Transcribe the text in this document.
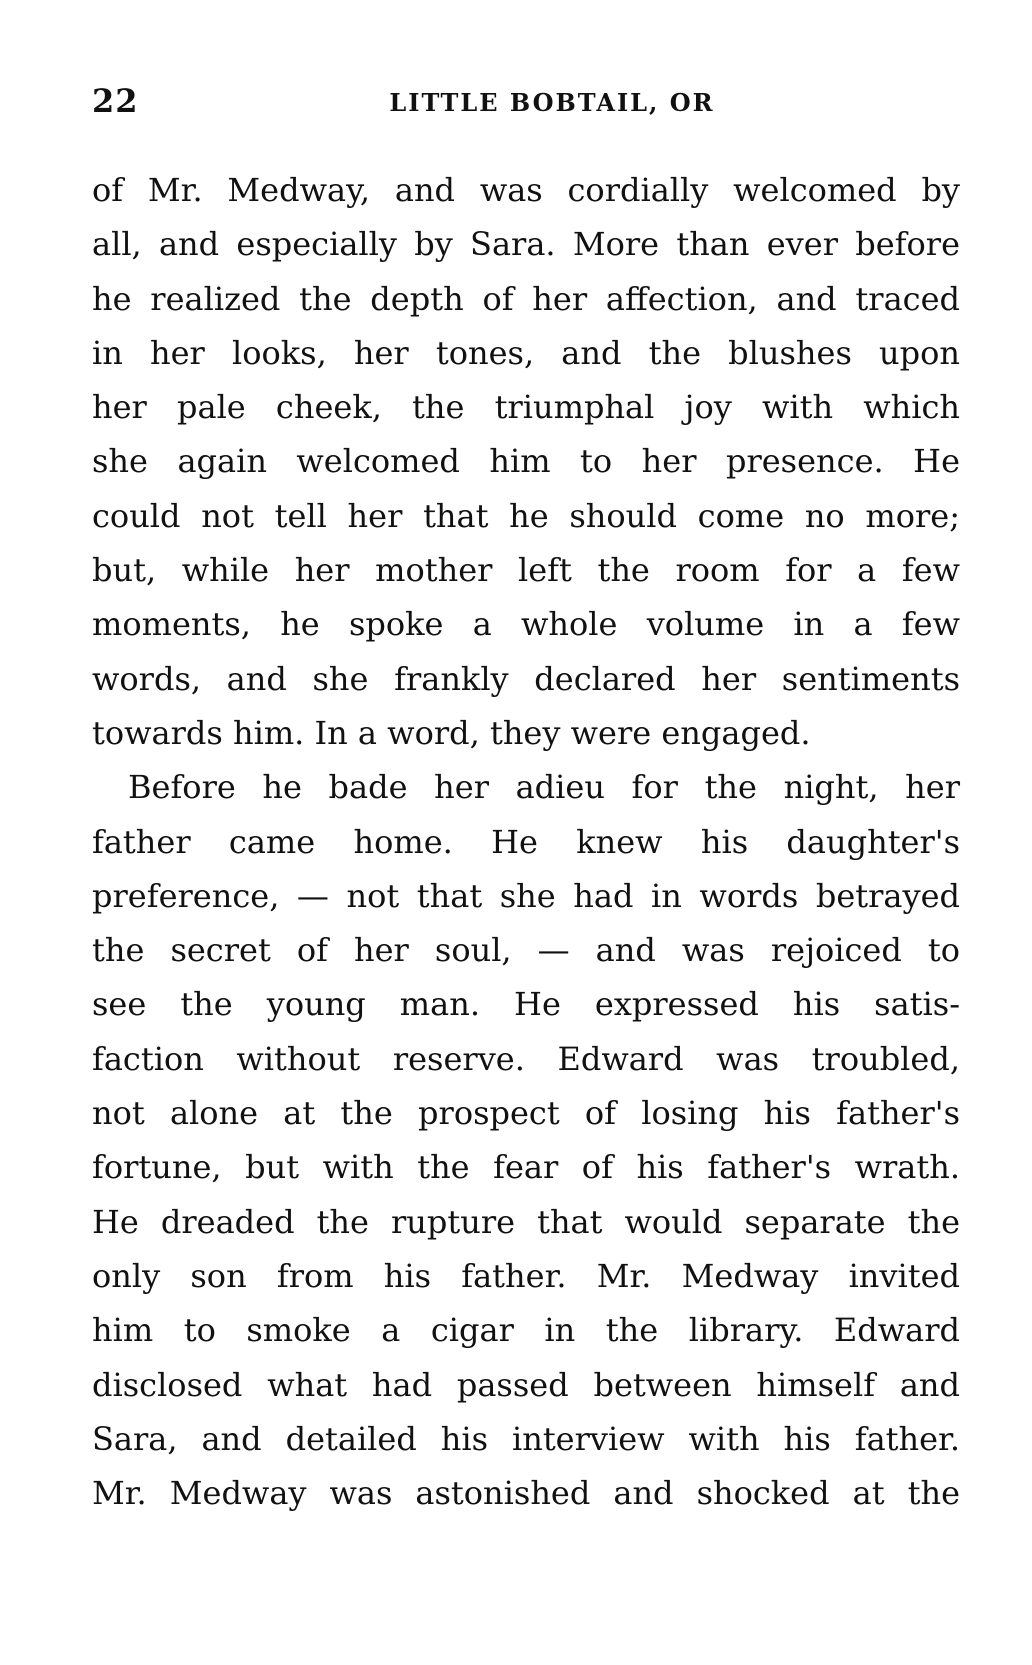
22	LITTLE BOBTAIL, OR
of Mr. Medway, and was cordially welcomed by
all, and especially by Sara. More than ever before
he realized the depth of her affection, and traced
in her looks, her tones, and the blushes upon
her pale cheek, the triumphal joy with which
she again welcomed him to her presence. He
could not tell her that he should come no more;
but, while her mother left the room for a few
moments, he spoke a whole volume in a few
words, and she frankly declared her sentiments
towards him. In a word, they were engaged.
Before he bade her adieu for the night, her
father came home. He knew his daughter's
preference, — not that she had in words betrayed
the secret of her soul, — and was rejoiced to
see the young man. He expressed his satis-
faction without reserve. Edward was troubled,
not alone at the prospect of losing his father's
fortune, but with the fear of his father's wrath.
He dreaded the rupture that would separate the
only son from his father. Mr. Medway invited
him to smoke a cigar in the library. Edward
disclosed what had passed between himself and
Sara, and detailed his interview with his father.
Mr. Medway was astonished and shocked at the
